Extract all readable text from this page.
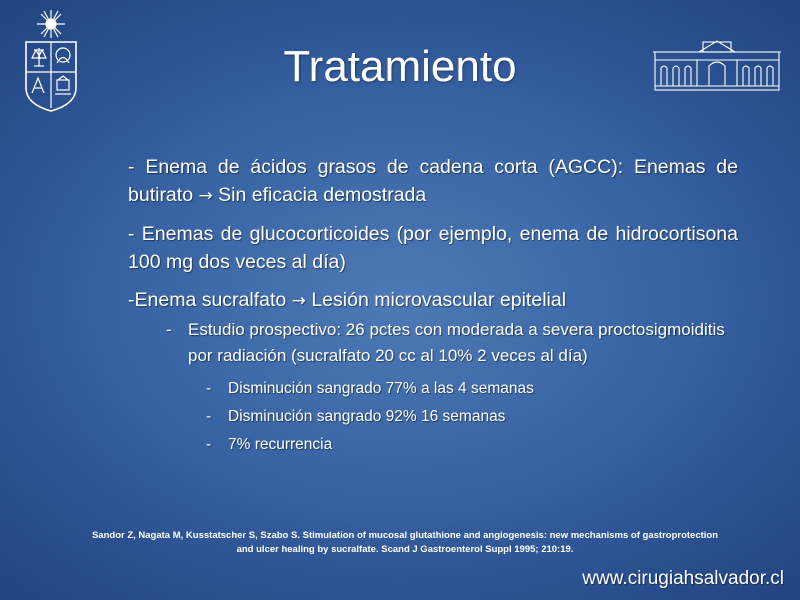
Tratamiento
- Enema de ácidos grasos de cadena corta (AGCC): Enemas de butirato → Sin eficacia demostrada
- Enemas de glucocorticoides (por ejemplo, enema de hidrocortisona 100 mg dos veces al día)
-Enema sucralfato → Lesión microvascular epitelial
- Estudio prospectivo: 26 pctes con moderada a severa proctosigmoiditis por radiación (sucralfato 20 cc al 10% 2 veces al día)
- Disminución sangrado 77% a las 4 semanas
- Disminución sangrado 92% 16 semanas
- 7% recurrencia
Sandor Z, Nagata M, Kusstatscher S, Szabo S. Stimulation of mucosal glutathione and angiogenesis: new mechanisms of gastroprotection
and ulcer healing by sucralfate. Scand J Gastroenterol Suppl 1995; 210:19.
www.cirugiahsalvador.cl
